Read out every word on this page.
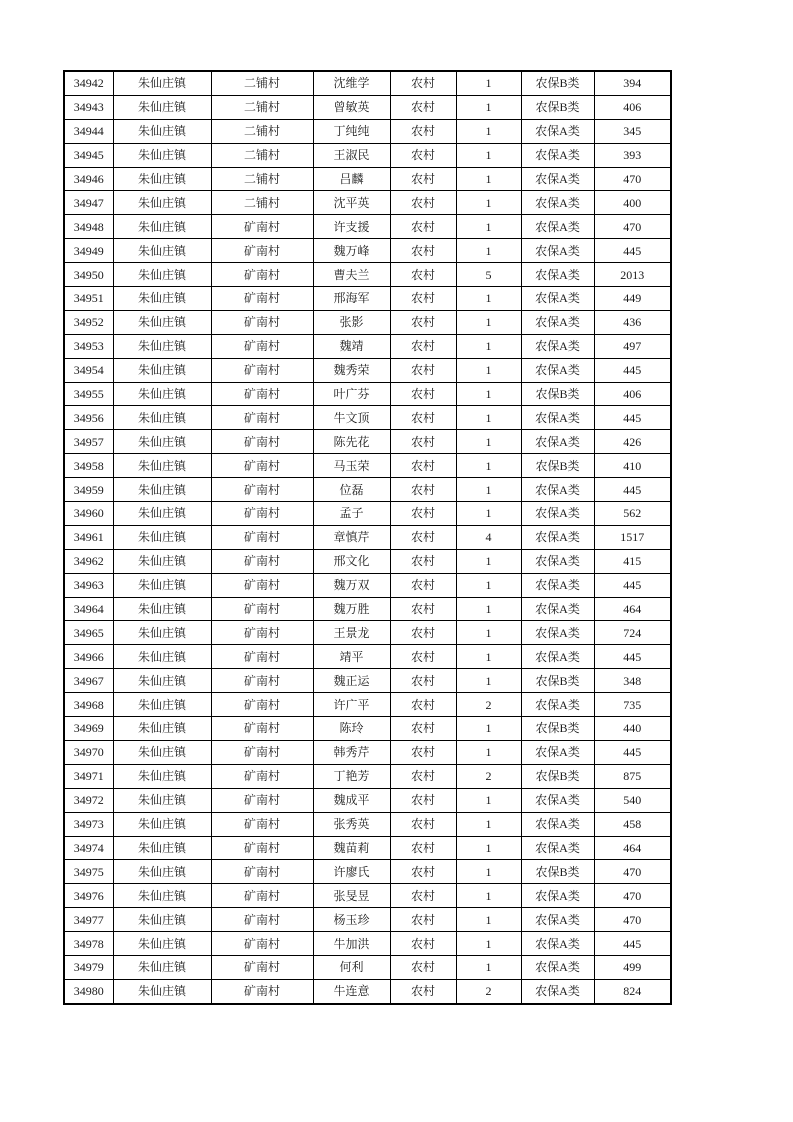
34942	朱仙庄镇	二铺村	沈维学	农村	1	农保B类	394
34943	朱仙庄镇	二铺村	曾敏英	农村	1	农保B类	406
34944	朱仙庄镇	二铺村	丁纯纯	农村	1	农保A类	345
34945	朱仙庄镇	二铺村	王淑民	农村	1	农保A类	393
34946	朱仙庄镇	二铺村	吕麟	农村	1	农保A类	470
34947	朱仙庄镇	二铺村	沈平英	农村	1	农保A类	400
34948	朱仙庄镇	矿南村	许支援	农村	1	农保A类	470
34949	朱仙庄镇	矿南村	魏万峰	农村	1	农保A类	445
34950	朱仙庄镇	矿南村	曹夫兰	农村	5	农保A类	2013
34951	朱仙庄镇	矿南村	邢海军	农村	1	农保A类	449
34952	朱仙庄镇	矿南村	张影	农村	1	农保A类	436
34953	朱仙庄镇	矿南村	魏靖	农村	1	农保A类	497
34954	朱仙庄镇	矿南村	魏秀荣	农村	1	农保A类	445
34955	朱仙庄镇	矿南村	叶广芬	农村	1	农保B类	406
34956	朱仙庄镇	矿南村	牛文顶	农村	1	农保A类	445
34957	朱仙庄镇	矿南村	陈先花	农村	1	农保A类	426
34958	朱仙庄镇	矿南村	马玉荣	农村	1	农保B类	410
34959	朱仙庄镇	矿南村	位磊	农村	1	农保A类	445
34960	朱仙庄镇	矿南村	孟子	农村	1	农保A类	562
34961	朱仙庄镇	矿南村	章慎芹	农村	4	农保A类	1517
34962	朱仙庄镇	矿南村	邢文化	农村	1	农保A类	415
34963	朱仙庄镇	矿南村	魏万双	农村	1	农保A类	445
34964	朱仙庄镇	矿南村	魏万胜	农村	1	农保A类	464
34965	朱仙庄镇	矿南村	王景龙	农村	1	农保A类	724
34966	朱仙庄镇	矿南村	靖平	农村	1	农保A类	445
34967	朱仙庄镇	矿南村	魏正运	农村	1	农保B类	348
34968	朱仙庄镇	矿南村	许广平	农村	2	农保A类	735
34969	朱仙庄镇	矿南村	陈玲	农村	1	农保B类	440
34970	朱仙庄镇	矿南村	韩秀芹	农村	1	农保A类	445
34971	朱仙庄镇	矿南村	丁艳芳	农村	2	农保B类	875
34972	朱仙庄镇	矿南村	魏成平	农村	1	农保A类	540
34973	朱仙庄镇	矿南村	张秀英	农村	1	农保A类	458
34974	朱仙庄镇	矿南村	魏苗莉	农村	1	农保A类	464
34975	朱仙庄镇	矿南村	许廖氏	农村	1	农保B类	470
34976	朱仙庄镇	矿南村	张旻昱	农村	1	农保A类	470
34977	朱仙庄镇	矿南村	杨玉珍	农村	1	农保A类	470
34978	朱仙庄镇	矿南村	牛加洪	农村	1	农保A类	445
34979	朱仙庄镇	矿南村	何利	农村	1	农保A类	499
34980	朱仙庄镇	矿南村	牛连意	农村	2	农保A类	824
